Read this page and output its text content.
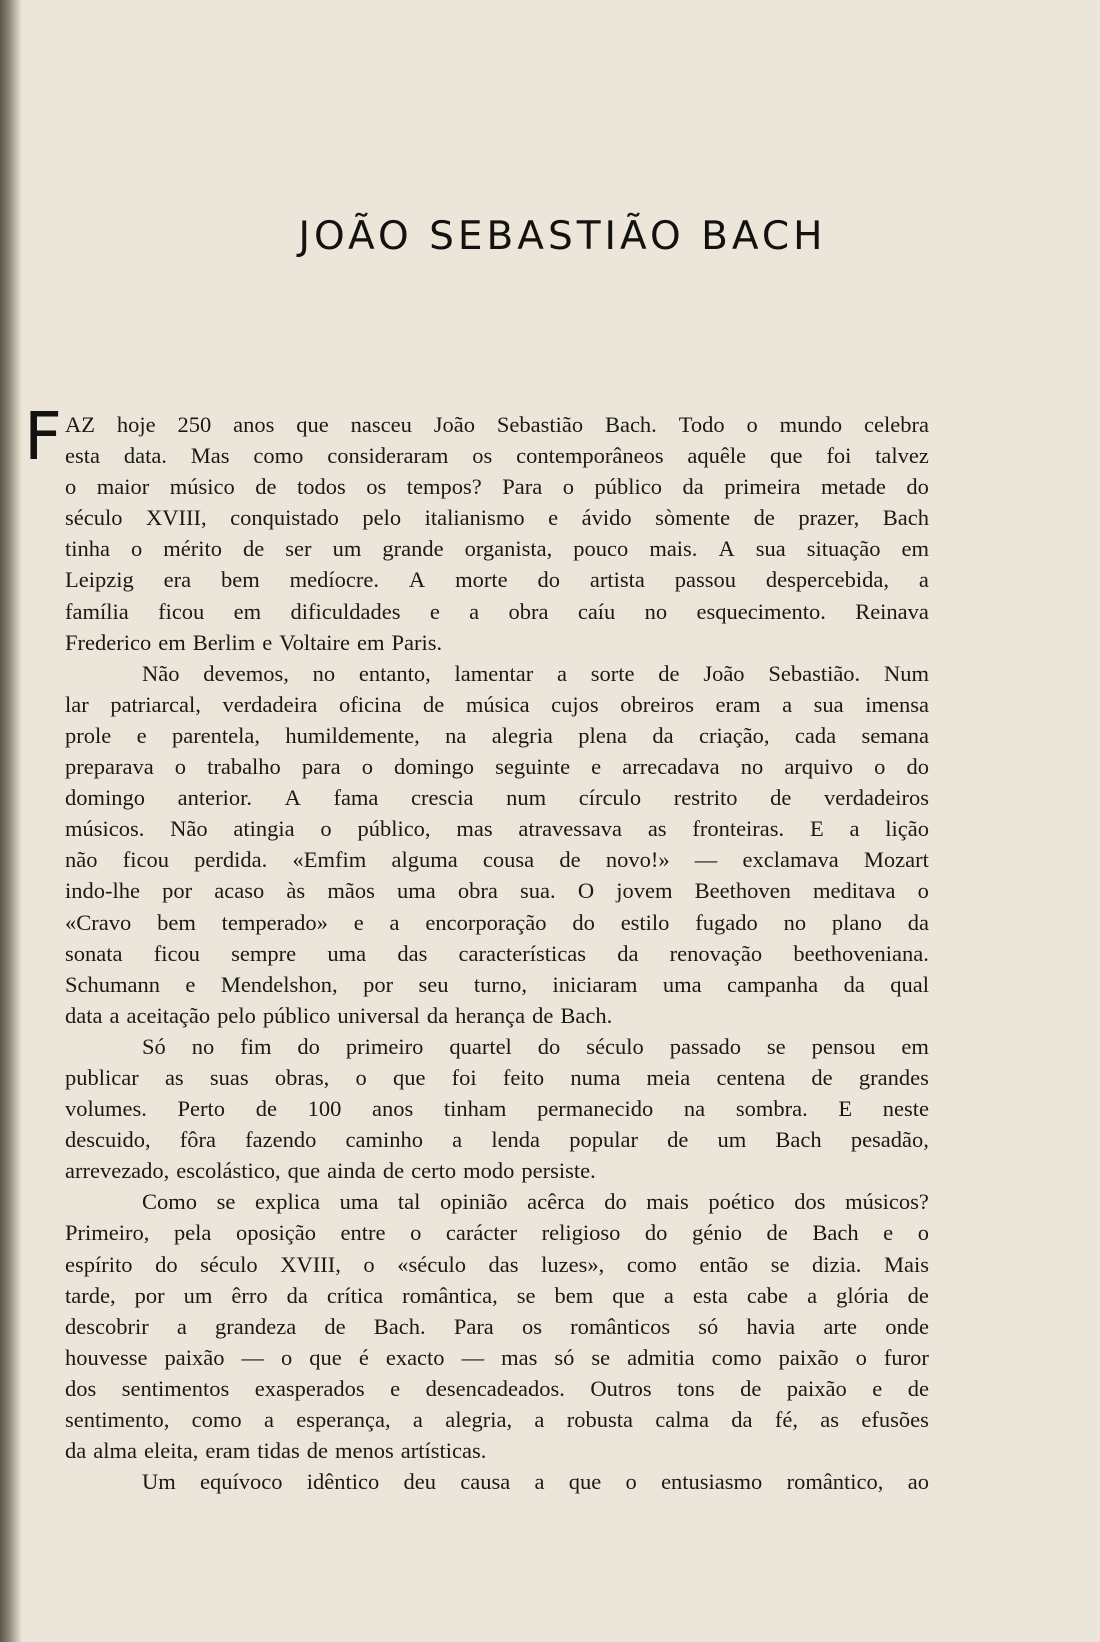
JOÃO SEBASTIÃO BACH
F AZ hoje 250 anos que nasceu João Sebastião Bach. Todo o mundo celebra
esta data. Mas como consideraram os contemporâneos aquêle que foi talvez
o maior músico de todos os tempos? Para o público da primeira metade do
século XVIII, conquistado pelo italianismo e ávido sòmente de prazer, Bach
tinha o mérito de ser um grande organista, pouco mais. A sua situação em
Leipzig era bem medíocre. A morte do artista passou despercebida, a
família ficou em dificuldades e a obra caíu no esquecimento. Reinava
Frederico em Berlim e Voltaire em Paris.
Não devemos, no entanto, lamentar a sorte de João Sebastião. Num
lar patriarcal, verdadeira oficina de música cujos obreiros eram a sua imensa
prole e parentela, humildemente, na alegria plena da criação, cada semana
preparava o trabalho para o domingo seguinte e arrecadava no arquivo o do
domingo anterior. A fama crescia num círculo restrito de verdadeiros
músicos. Não atingia o público, mas atravessava as fronteiras. E a lição
não ficou perdida. «Emfim alguma cousa de novo!» — exclamava Mozart
indo-lhe por acaso às mãos uma obra sua. O jovem Beethoven meditava o
«Cravo bem temperado» e a encorporação do estilo fugado no plano da
sonata ficou sempre uma das características da renovação beethoveniana.
Schumann e Mendelshon, por seu turno, iniciaram uma campanha da qual
data a aceitação pelo público universal da herança de Bach.
Só no fim do primeiro quartel do século passado se pensou em
publicar as suas obras, o que foi feito numa meia centena de grandes
volumes. Perto de 100 anos tinham permanecido na sombra. E neste
descuido, fôra fazendo caminho a lenda popular de um Bach pesadão,
arrevezado, escolástico, que ainda de certo modo persiste.
Como se explica uma tal opinião acêrca do mais poético dos músicos?
Primeiro, pela oposição entre o carácter religioso do génio de Bach e o
espírito do século XVIII, o «século das luzes», como então se dizia. Mais
tarde, por um êrro da crítica romântica, se bem que a esta cabe a glória de
descobrir a grandeza de Bach. Para os românticos só havia arte onde
houvesse paixão — o que é exacto — mas só se admitia como paixão o furor
dos sentimentos exasperados e desencadeados. Outros tons de paixão e de
sentimento, como a esperança, a alegria, a robusta calma da fé, as efusões
da alma eleita, eram tidas de menos artísticas.
Um equívoco idêntico deu causa a que o entusiasmo romântico, ao
